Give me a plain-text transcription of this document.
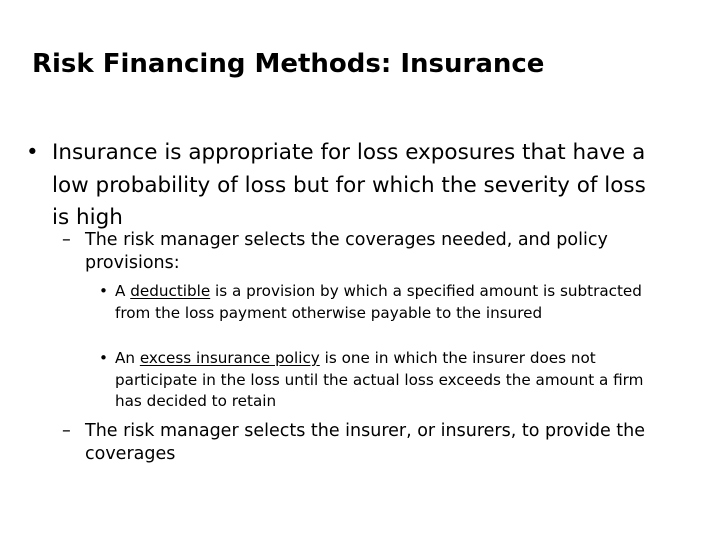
Risk Financing Methods: Insurance
• Insurance is appropriate for loss exposures that have a low probability of loss but for which the severity of loss is high
– The risk manager selects the coverages needed, and policy provisions:
• A deductible is a provision by which a specified amount is subtracted from the loss payment otherwise payable to the insured
• An excess insurance policy is one in which the insurer does not participate in the loss until the actual loss exceeds the amount a firm has decided to retain
– The risk manager selects the insurer, or insurers, to provide the coverages
